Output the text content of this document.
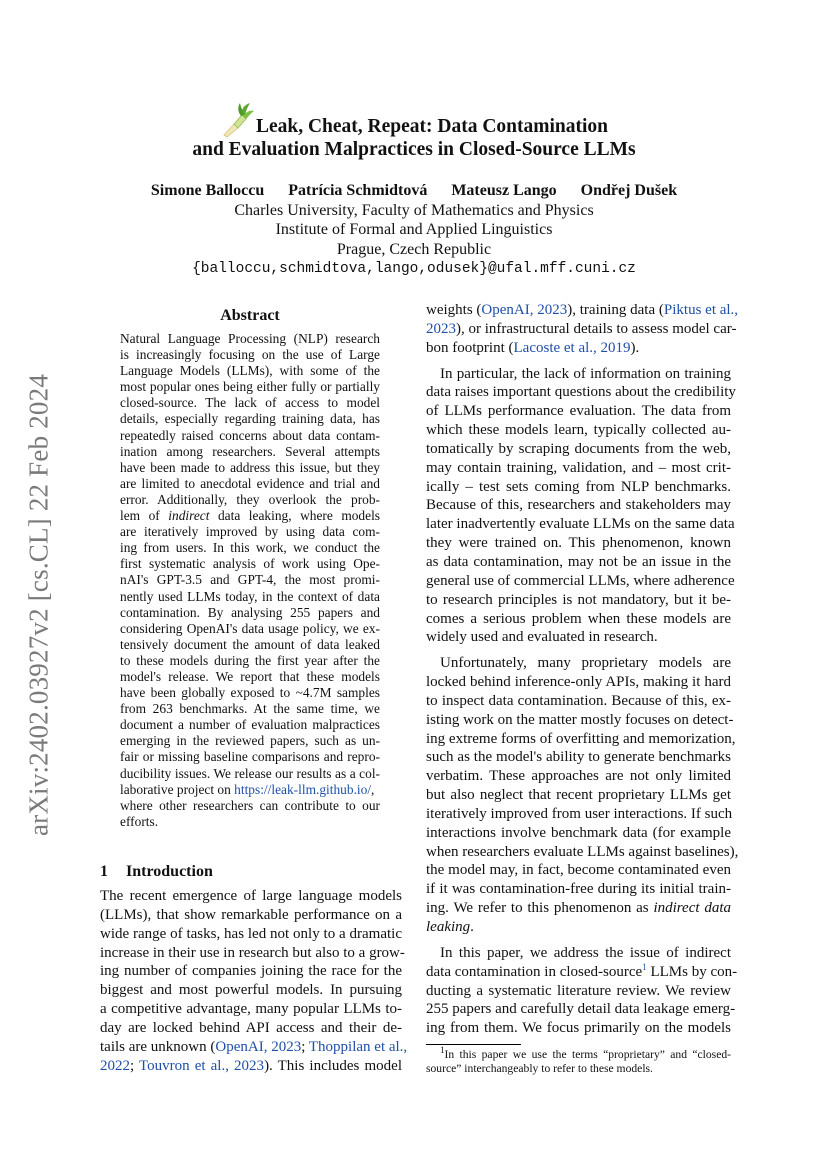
arXiv:2402.03927v2 [cs.CL] 22 Feb 2024
Leak, Cheat, Repeat: Data Contamination
and Evaluation Malpractices in Closed-Source LLMs
Simone Balloccu Patrícia Schmidtová Mateusz Lango Ondřej Dušek
Charles University, Faculty of Mathematics and Physics
Institute of Formal and Applied Linguistics
Prague, Czech Republic
{balloccu,schmidtova,lango,odusek}@ufal.mff.cuni.cz
Abstract
Natural Language Processing (NLP) research
is increasingly focusing on the use of Large
Language Models (LLMs), with some of the
most popular ones being either fully or partially
closed-source. The lack of access to model
details, especially regarding training data, has
repeatedly raised concerns about data contam-
ination among researchers. Several attempts
have been made to address this issue, but they
are limited to anecdotal evidence and trial and
error. Additionally, they overlook the prob-
lem of indirect data leaking, where models
are iteratively improved by using data com-
ing from users. In this work, we conduct the
first systematic analysis of work using Ope-
nAI's GPT-3.5 and GPT-4, the most promi-
nently used LLMs today, in the context of data
contamination. By analysing 255 papers and
considering OpenAI's data usage policy, we ex-
tensively document the amount of data leaked
to these models during the first year after the
model's release. We report that these models
have been globally exposed to ~4.7M samples
from 263 benchmarks. At the same time, we
document a number of evaluation malpractices
emerging in the reviewed papers, such as un-
fair or missing baseline comparisons and repro-
ducibility issues. We release our results as a col-
laborative project on https://leak-llm.github.io/,
where other researchers can contribute to our
efforts.
1 Introduction
The recent emergence of large language models
(LLMs), that show remarkable performance on a
wide range of tasks, has led not only to a dramatic
increase in their use in research but also to a grow-
ing number of companies joining the race for the
biggest and most powerful models. In pursuing
a competitive advantage, many popular LLMs to-
day are locked behind API access and their de-
tails are unknown (OpenAI, 2023; Thoppilan et al.,
2022; Touvron et al., 2023). This includes model
weights (OpenAI, 2023), training data (Piktus et al.,
2023), or infrastructural details to assess model car-
bon footprint (Lacoste et al., 2019).
In particular, the lack of information on training
data raises important questions about the credibility
of LLMs performance evaluation. The data from
which these models learn, typically collected au-
tomatically by scraping documents from the web,
may contain training, validation, and – most crit-
ically – test sets coming from NLP benchmarks.
Because of this, researchers and stakeholders may
later inadvertently evaluate LLMs on the same data
they were trained on. This phenomenon, known
as data contamination, may not be an issue in the
general use of commercial LLMs, where adherence
to research principles is not mandatory, but it be-
comes a serious problem when these models are
widely used and evaluated in research.
Unfortunately, many proprietary models are
locked behind inference-only APIs, making it hard
to inspect data contamination. Because of this, ex-
isting work on the matter mostly focuses on detect-
ing extreme forms of overfitting and memorization,
such as the model's ability to generate benchmarks
verbatim. These approaches are not only limited
but also neglect that recent proprietary LLMs get
iteratively improved from user interactions. If such
interactions involve benchmark data (for example
when researchers evaluate LLMs against baselines),
the model may, in fact, become contaminated even
if it was contamination-free during its initial train-
ing. We refer to this phenomenon as indirect data
leaking.
In this paper, we address the issue of indirect
data contamination in closed-source$^1$ LLMs by con-
ducting a systematic literature review. We review
255 papers and carefully detail data leakage emerg-
ing from them. We focus primarily on the models
$^1$In this paper we use the terms “proprietary” and “closed-
source” interchangeably to refer to these models.
